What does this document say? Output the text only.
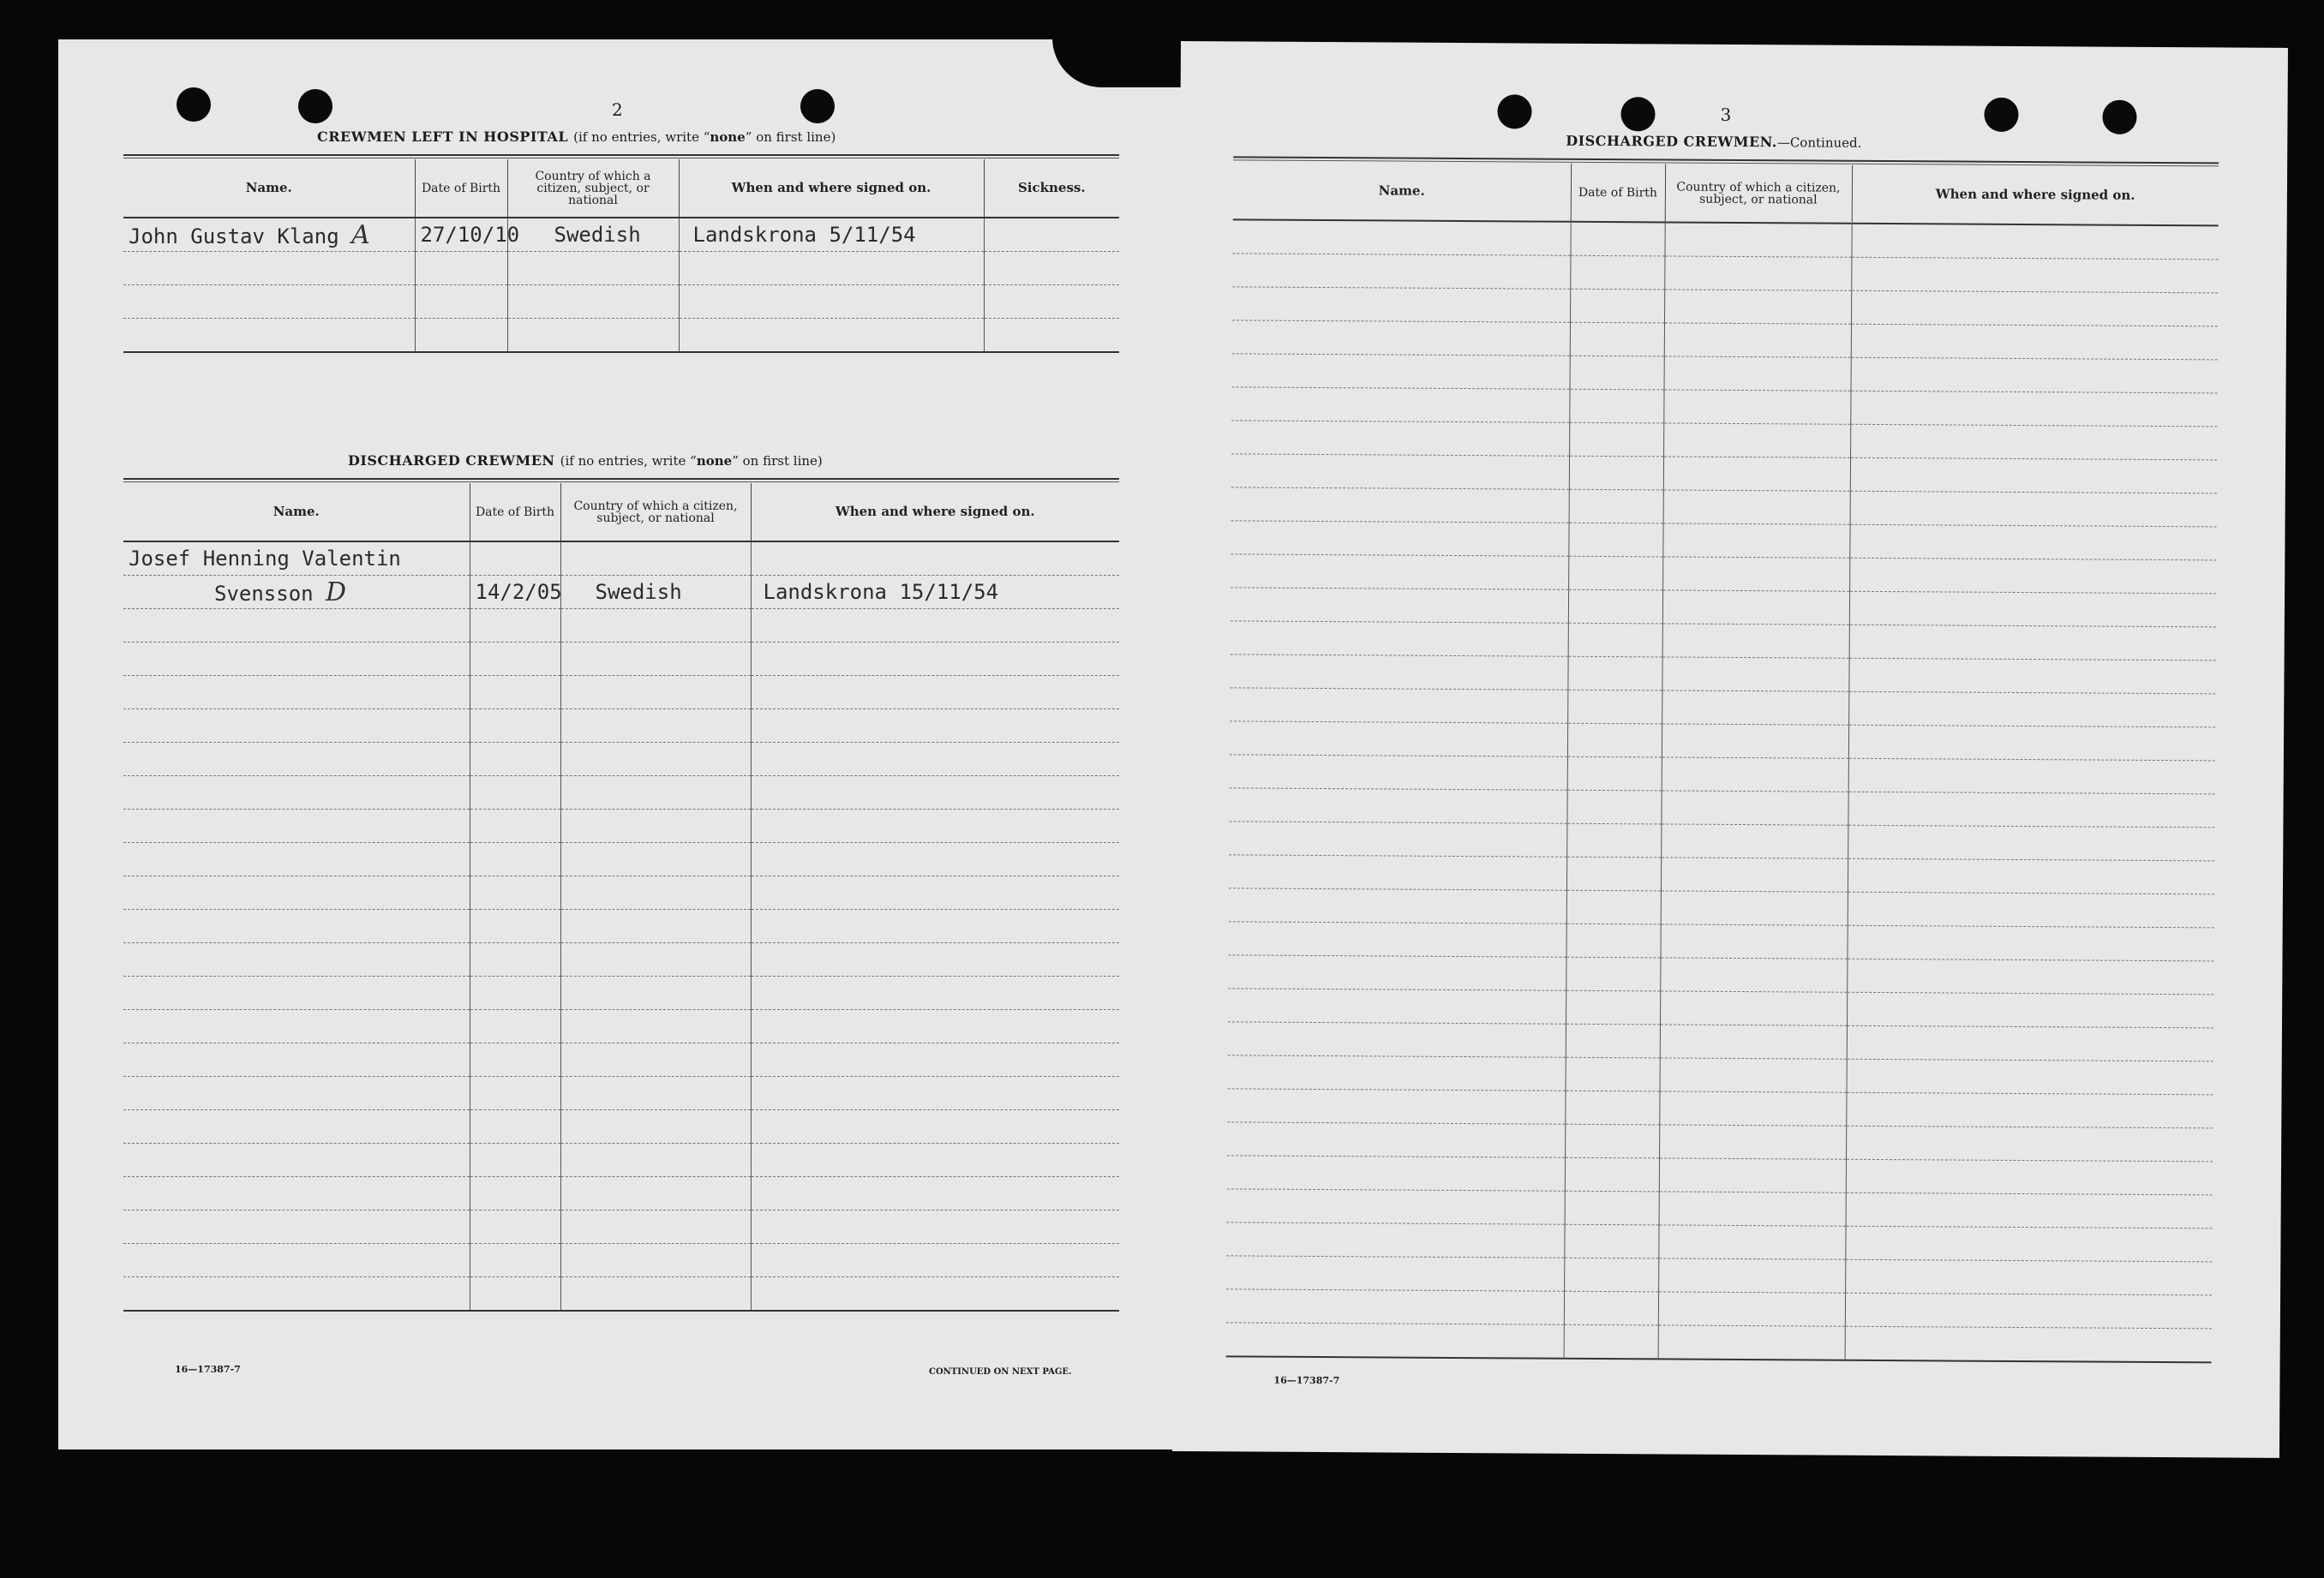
2
CREWMEN LEFT IN HOSPITAL (if no entries, write “none” on first line)
Name.	Date of Birth	Country of which a citizen, subject, or national	When and where signed on.	Sickness.
John Gustav Klang A	27/10/10	Swedish	Landskrona 5/11/54	

DISCHARGED CREWMEN (if no entries, write “none” on first line)
Name.	Date of Birth	Country of which a citizen, subject, or national	When and where signed on.
Josef Henning Valentin			
Svensson D	14/2/05	Swedish	Landskrona 15/11/54

16—17387-7	CONTINUED ON NEXT PAGE.
3
DISCHARGED CREWMEN.—Continued.
Name.	Date of Birth	Country of which a citizen, subject, or national	When and where signed on.

16—17387-7
